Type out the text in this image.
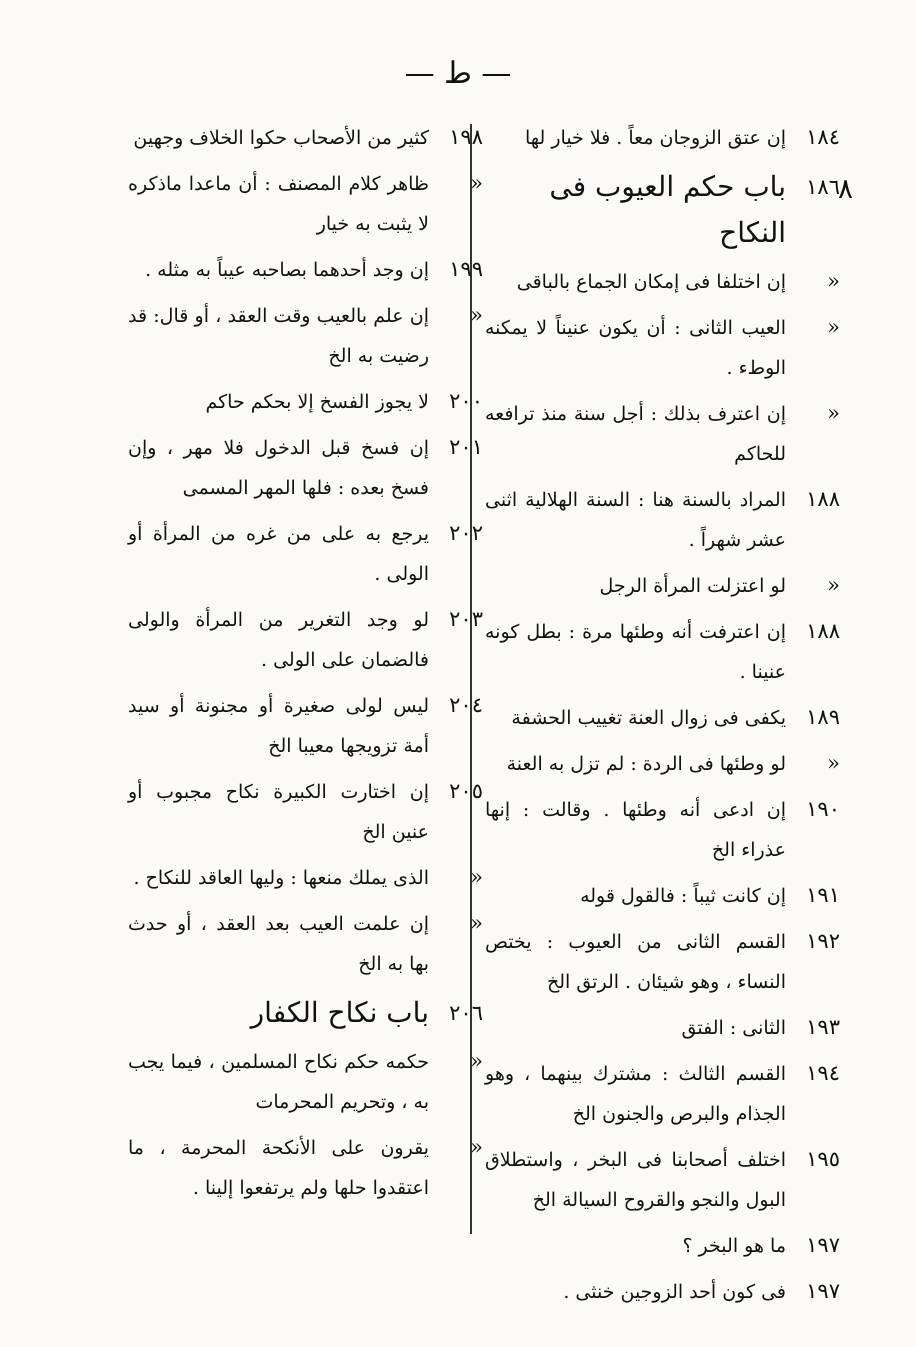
— ط —
٨
١٨٤
إن عتق الزوجان معاً . فلا خيار لها
١٨٦
باب حكم العيوب فى النكاح
«
إن اختلفا فى إمكان الجماع بالباقى
«
العيب الثانى : أن يكون عنيناً لا يمكنه الوطء .
«
إن اعترف بذلك : أجل سنة منذ ترافعه للحاكم
١٨٨
المراد بالسنة هنا : السنة الهلالية اثنى عشر شهراً .
«
لو اعتزلت المرأة الرجل
١٨٨
إن اعترفت أنه وطئها مرة : بطل كونه عنينا .
١٨٩
يكفى فى زوال العنة تغييب الحشفة
«
لو وطئها فى الردة : لم تزل به العنة
١٩٠
إن ادعى أنه وطئها . وقالت : إنها عذراء الخ
١٩١
إن كانت ثيباً : فالقول قوله
١٩٢
القسم الثانى من العيوب : يختص النساء ، وهو شيئان . الرتق الخ
١٩٣
الثانى : الفتق
١٩٤
القسم الثالث : مشترك بينهما ، وهو الجذام والبرص والجنون الخ
١٩٥
اختلف أصحابنا فى البخر ، واستطلاق البول والنجو والقروح السيالة الخ
١٩٧
ما هو البخر ؟
١٩٧
فى كون أحد الزوجين خنثى .
١٩٨
كثير من الأصحاب حكوا الخلاف وجهين
«
ظاهر كلام المصنف : أن ماعدا ماذكره لا يثبت به خيار
١٩٩
إن وجد أحدهما بصاحبه عيباً به مثله .
«
إن علم بالعيب وقت العقد ، أو قال: قد رضيت به الخ
٢٠٠
لا يجوز الفسخ إلا بحكم حاكم
٢٠١
إن فسخ قبل الدخول فلا مهر ، وإن فسخ بعده : فلها المهر المسمى
٢٠٢
يرجع به على من غره من المرأة أو الولى .
٢٠٣
لو وجد التغرير من المرأة والولى فالضمان على الولى .
٢٠٤
ليس لولى صغيرة أو مجنونة أو سيد أمة تزويجها معيبا الخ
٢٠٥
إن اختارت الكبيرة نكاح مجبوب أو عنين الخ
«
الذى يملك منعها : وليها العاقد للنكاح .
«
إن علمت العيب بعد العقد ، أو حدث بها به الخ
٢٠٦
باب نكاح الكفار
«
حكمه حكم نكاح المسلمين ، فيما يجب به ، وتحريم المحرمات
«
يقرون على الأنكحة المحرمة ، ما اعتقدوا حلها ولم يرتفعوا إلينا .
